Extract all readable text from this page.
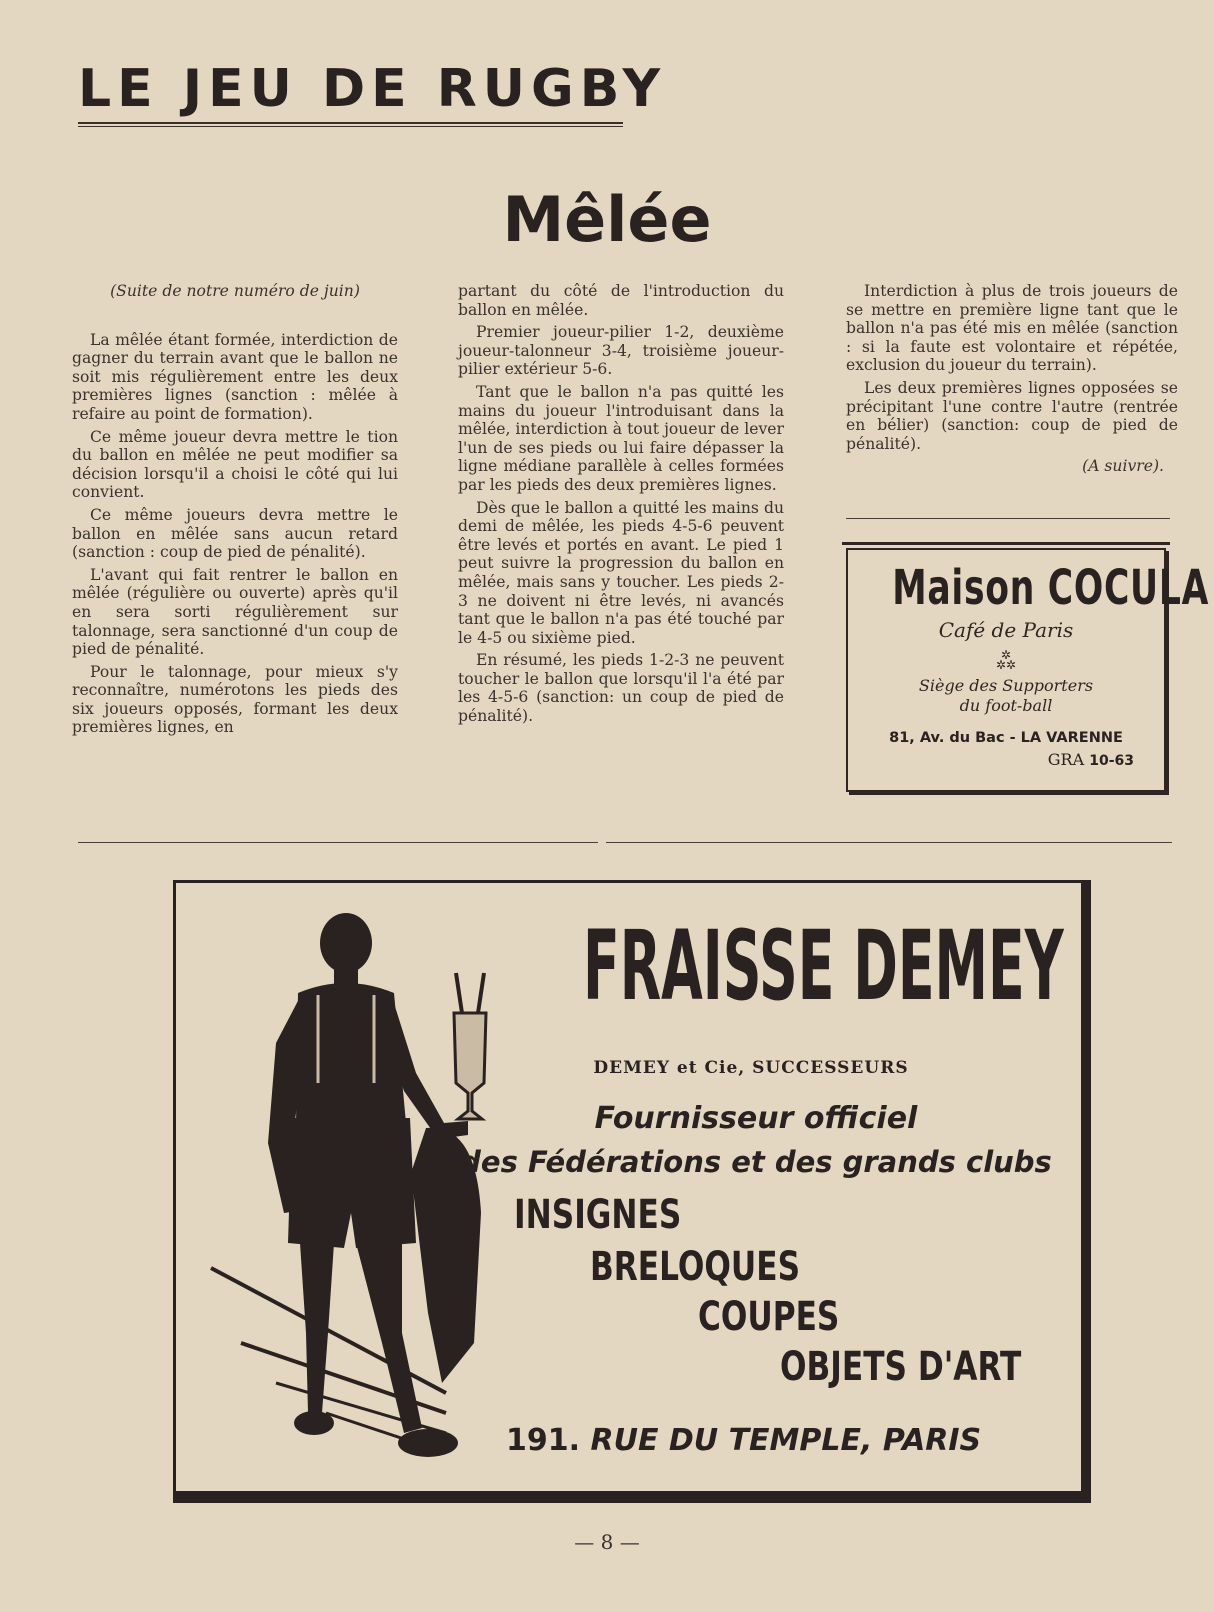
LE JEU DE RUGBY
Mêlée

(Suite de notre numéro de juin)

La mêlée étant formée, interdiction de gagner du terrain avant que le ballon ne soit mis régulièrement entre les deux premières lignes (sanction : mêlée à refaire au point de formation).

Ce même joueur devra mettre le tion du ballon en mêlée ne peut modifier sa décision lorsqu'il a choisi le côté qui lui convient.

Ce même joueurs devra mettre le ballon en mêlée sans aucun retard (sanction : coup de pied de pénalité).

L'avant qui fait rentrer le ballon en mêlée (régulière ou ouverte) après qu'il en sera sorti régulièrement sur talonnage, sera sanctionné d'un coup de pied de pénalité.

Pour le talonnage, pour mieux s'y reconnaître, numérotons les pieds des six joueurs opposés, formant les deux premières lignes, en

partant du côté de l'introduction du ballon en mêlée.

Premier joueur-pilier 1-2, deuxième joueur-talonneur 3-4, troisième joueur-pilier extérieur 5-6.

Tant que le ballon n'a pas quitté les mains du joueur l'introduisant dans la mêlée, interdiction à tout joueur de lever l'un de ses pieds ou lui faire dépasser la ligne médiane parallèle à celles formées par les pieds des deux premières lignes.

Dès que le ballon a quitté les mains du demi de mêlée, les pieds 4-5-6 peuvent être levés et portés en avant. Le pied 1 peut suivre la progression du ballon en mêlée, mais sans y toucher. Les pieds 2-3 ne doivent ni être levés, ni avancés tant que le ballon n'a pas été touché par le 4-5 ou sixième pied.

En résumé, les pieds 1-2-3 ne peuvent toucher le ballon que lorsqu'il l'a été par les 4-5-6 (sanction: un coup de pied de pénalité).

Interdiction à plus de trois joueurs de se mettre en première ligne tant que le ballon n'a pas été mis en mêlée (sanction : si la faute est volontaire et répétée, exclusion du joueur du terrain).

Les deux premières lignes opposées se précipitant l'une contre l'autre (rentrée en bélier) (sanction: coup de pied de pénalité).

(A suivre).

Maison COCULA
Café de Paris
✲
✲✲
Siège des Supporters
du foot-ball
81, Av. du Bac - LA VARENNE
GRA 10-63
FRAISSE DEMEY
DEMEY et Cie, SUCCESSEURS
Fournisseur officiel
des Fédérations et des grands clubs
INSIGNES
BRELOQUES
COUPES
OBJETS D'ART
191. RUE DU TEMPLE, PARIS
— 8 —
